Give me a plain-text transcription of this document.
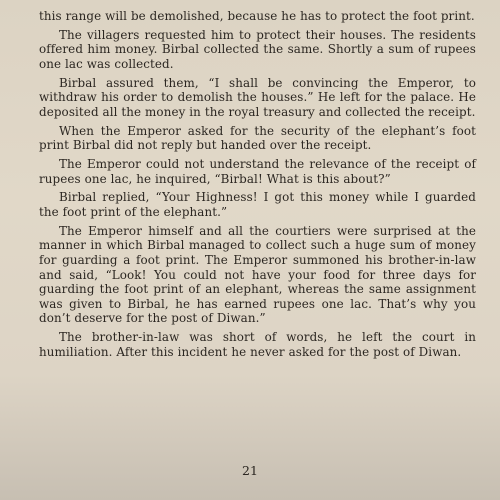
this range will be demolished, because he has to protect the foot print.

The villagers requested him to protect their houses. The residents offered him money. Birbal collected the same. Shortly a sum of rupees one lac was collected.

Birbal assured them, “I shall be convincing the Emperor, to withdraw his order to demolish the houses.” He left for the palace. He deposited all the money in the royal treasury and collected the receipt.

When the Emperor asked for the security of the elephant’s foot print Birbal did not reply but handed over the receipt.

The Emperor could not understand the relevance of the receipt of rupees one lac, he inquired, “Birbal! What is this about?”

Birbal replied, “Your Highness! I got this money while I guarded the foot print of the elephant.”

The Emperor himself and all the courtiers were surprised at the manner in which Birbal managed to collect such a huge sum of money for guarding a foot print. The Emperor summoned his brother-in-law and said, “Look! You could not have your food for three days for guarding the foot print of an elephant, whereas the same assignment was given to Birbal, he has earned rupees one lac. That’s why you don’t deserve for the post of Diwan.”

The brother-in-law was short of words, he left the court in humiliation. After this incident he never asked for the post of Diwan.

21
